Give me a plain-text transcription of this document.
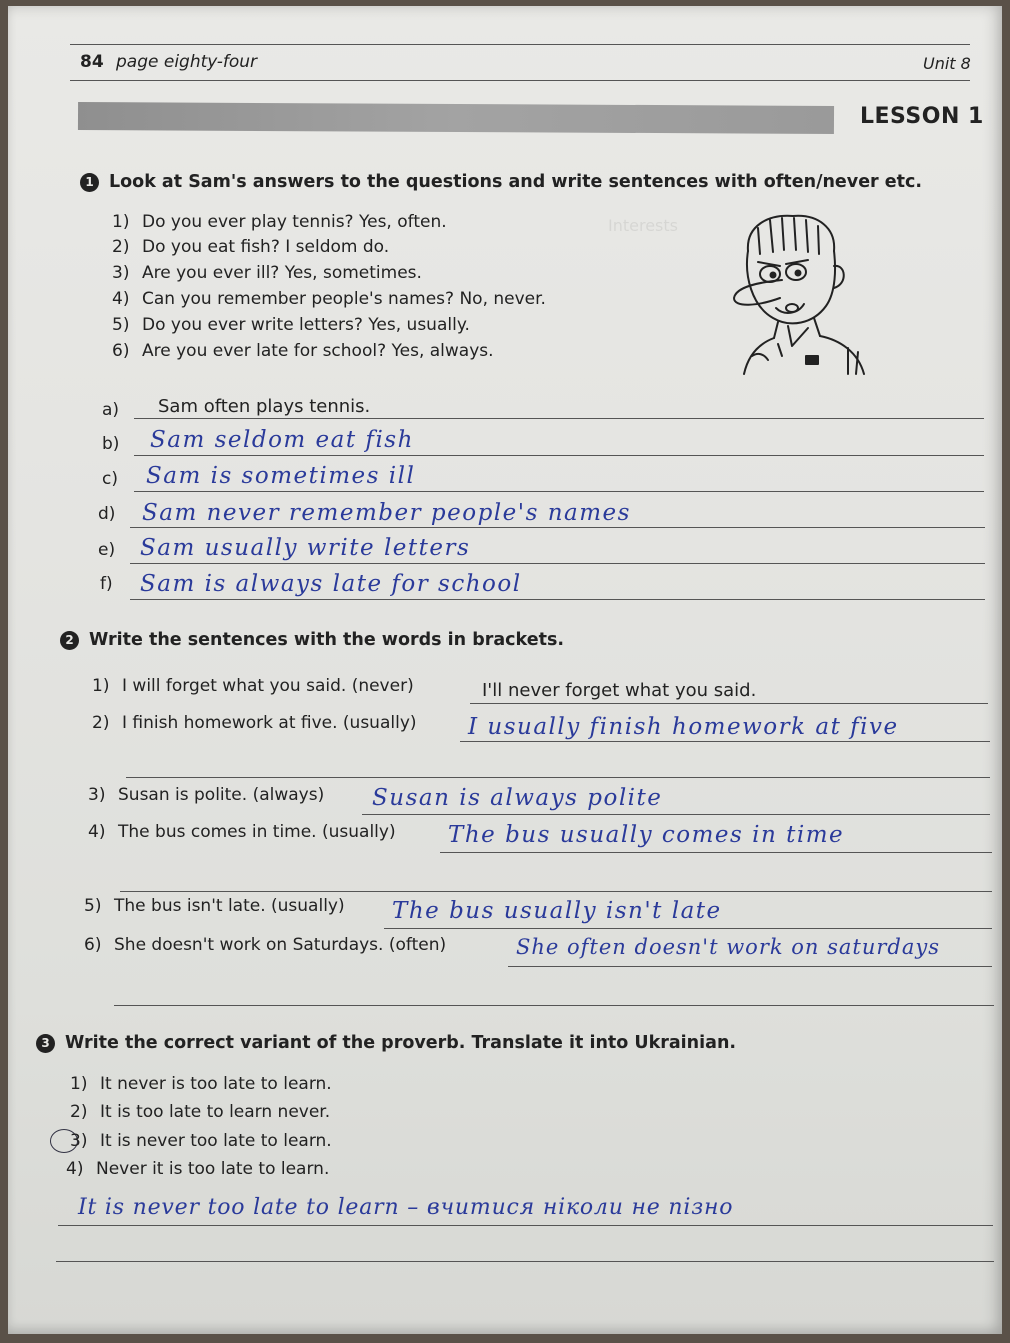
84 page eighty-four	Unit 8
LESSON 1
Interests
1 Look at Sam's answers to the questions and write sentences with often/never etc.
1) Do you ever play tennis? Yes, often.
2) Do you eat fish? I seldom do.
3) Are you ever ill? Yes, sometimes.
4) Can you remember people's names? No, never.
5) Do you ever write letters? Yes, usually.
6) Are you ever late for school? Yes, always.
a) Sam often plays tennis.
b) Sam seldom eat fish
c) Sam is sometimes ill
d) Sam never remember people's names
e) Sam usually write letters
f) Sam is always late for school
2 Write the sentences with the words in brackets.
1) I will forget what you said. (never)	I'll never forget what you said.
2) I finish homework at five. (usually) I usually finish homework at five
3) Susan is polite. (always) Susan is always polite
4) The bus comes in time. (usually) The bus usually comes in time
5) The bus isn't late. (usually) The bus usually isn't late
6) She doesn't work on Saturdays. (often)	She often doesn't work on saturdays
3 Write the correct variant of the proverb. Translate it into Ukrainian.
1) It never is too late to learn.
2) It is too late to learn never.
3) It is never too late to learn.
4) Never it is too late to learn.
It is never too late to learn – вчитися ніколи не пізно
